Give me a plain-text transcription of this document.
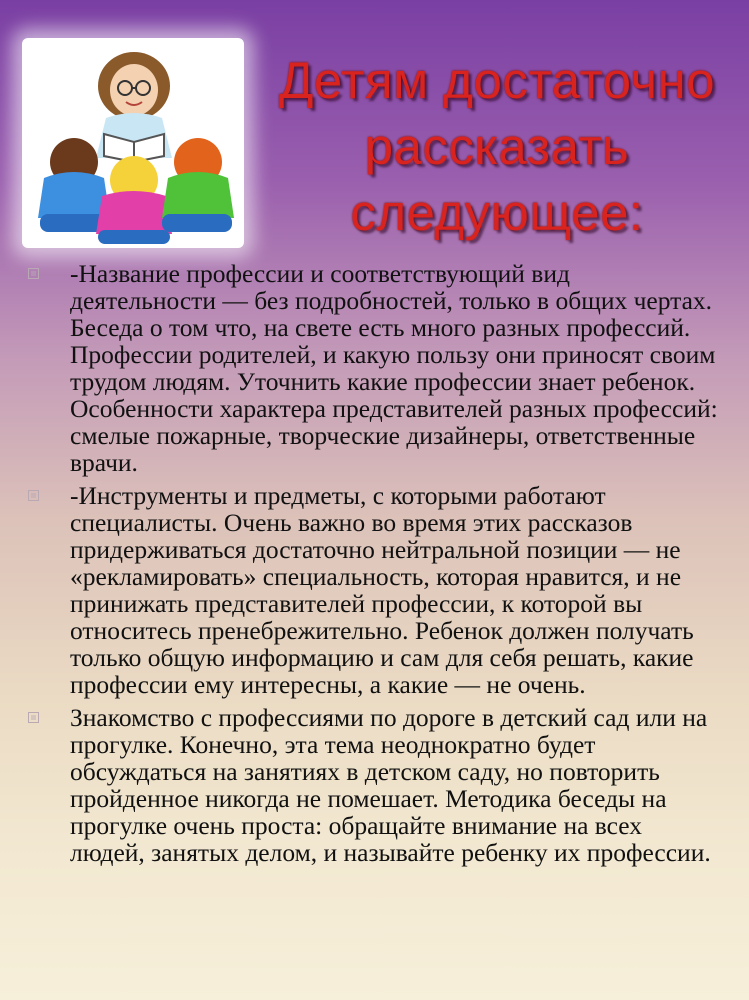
Детям достаточно
рассказать
следующее:
-Название профессии и соответствующий вид деятельности — без подробностей, только в общих чертах. Беседа о том что, на свете есть много разных профессий. Профессии родителей, и какую пользу они приносят своим трудом людям. Уточнить какие профессии знает ребенок. Особенности характера представителей разных профессий: смелые пожарные, творческие дизайнеры, ответственные врачи.
-Инструменты и предметы, с которыми работают специалисты. Очень важно во время этих рассказов придерживаться достаточно нейтральной позиции — не «рекламировать» специальность, которая нравится, и не принижать представителей профессии, к которой вы относитесь пренебрежительно. Ребенок должен получать только общую информацию и сам для себя решать, какие профессии ему интересны, а какие — не очень.
Знакомство с профессиями по дороге в детский сад или на прогулке. Конечно, эта тема неоднократно будет обсуждаться на занятиях в детском саду, но повторить пройденное никогда не помешает. Методика беседы на прогулке очень проста: обращайте внимание на всех людей, занятых делом, и называйте ребенку их профессии.
